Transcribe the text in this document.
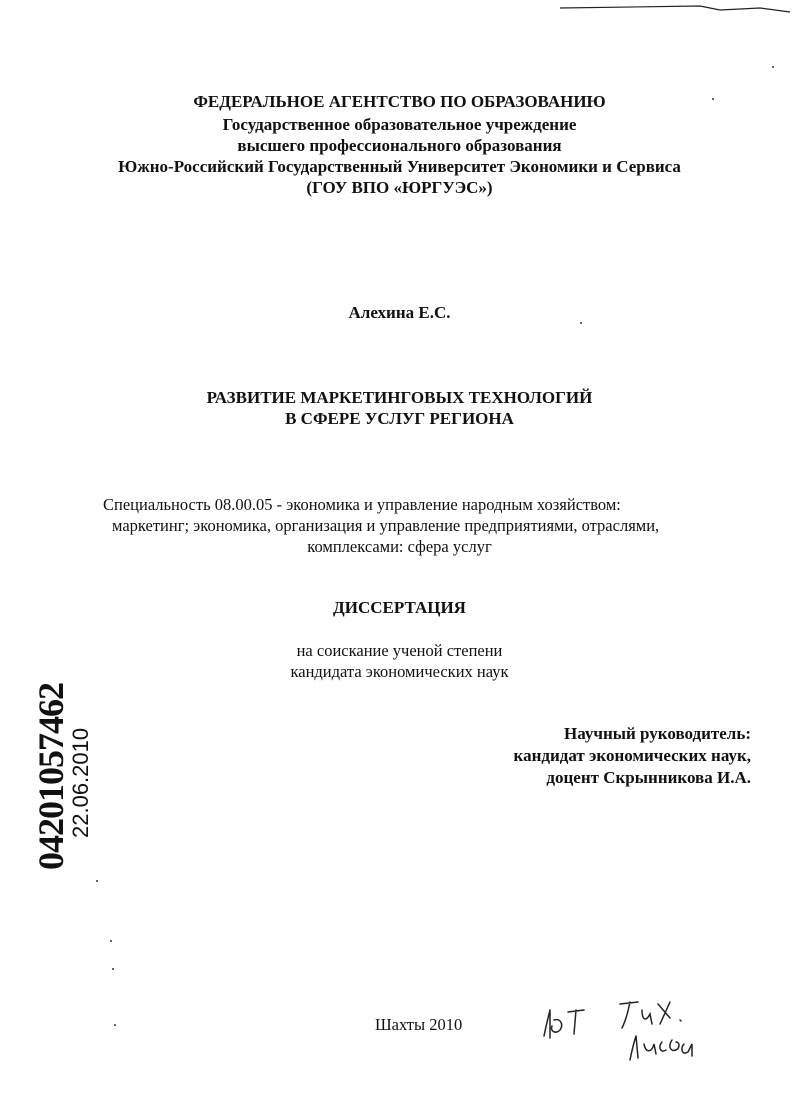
ФЕДЕРАЛЬНОЕ АГЕНТСТВО ПО ОБРАЗОВАНИЮ
Государственное образовательное учреждение
высшего профессионального образования
Южно-Российский Государственный Университет Экономики и Сервиса
(ГОУ ВПО «ЮРГУЭС»)
Алехина Е.С.
РАЗВИТИЕ МАРКЕТИНГОВЫХ ТЕХНОЛОГИЙ
В СФЕРЕ УСЛУГ РЕГИОНА
Специальность 08.00.05 - экономика и управление народным хозяйством:
маркетинг; экономика, организация и управление предприятиями, отраслями,
комплексами: сфера услуг
ДИССЕРТАЦИЯ
на соискание ученой степени
кандидата экономических наук
Научный руководитель:
кандидат экономических наук,
доцент Скрынникова И.А.
Шахты 2010
04201057462
22.06.2010
